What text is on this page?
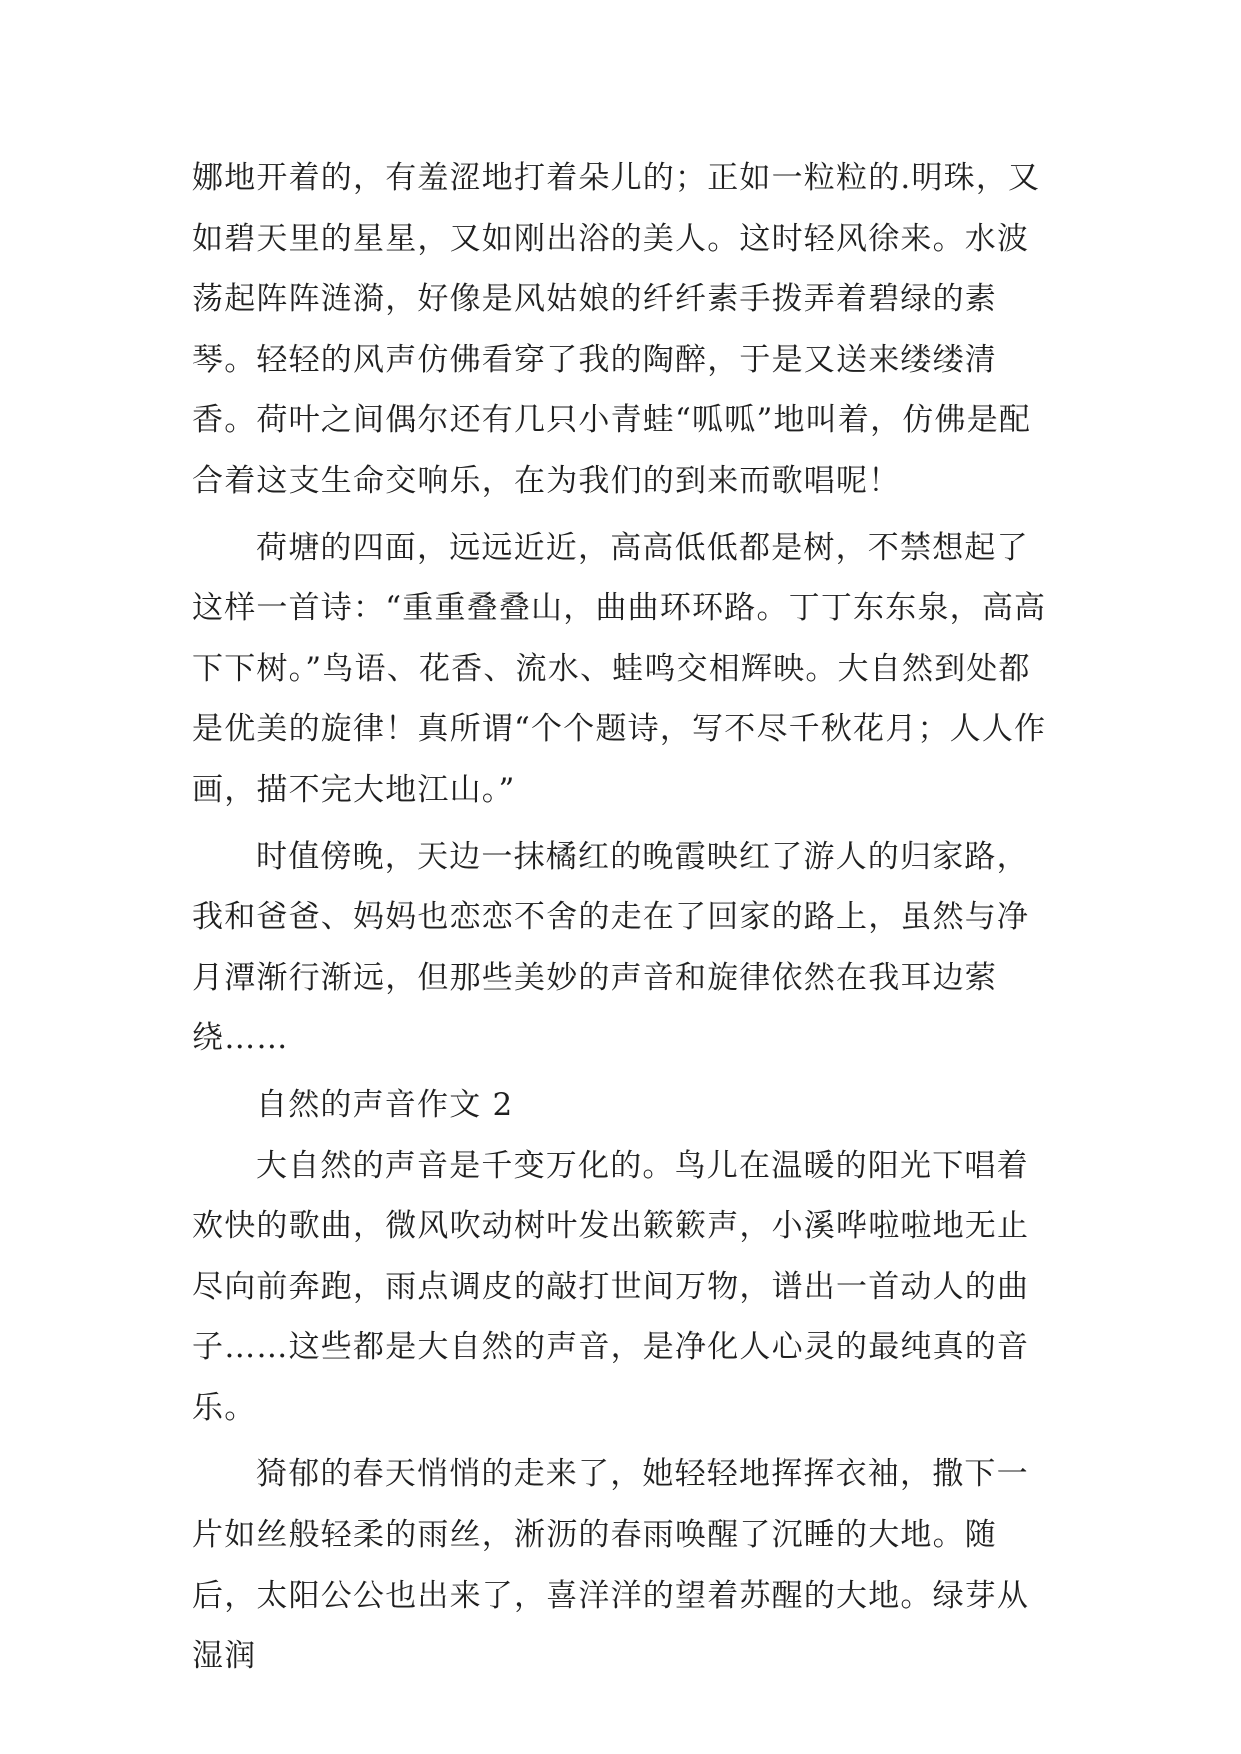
娜地开着的，有羞涩地打着朵儿的；正如一粒粒的.明珠，又如碧天里的星星，又如刚出浴的美人。这时轻风徐来。水波荡起阵阵涟漪，好像是风姑娘的纤纤素手拨弄着碧绿的素琴。轻轻的风声仿佛看穿了我的陶醉，于是又送来缕缕清香。荷叶之间偶尔还有几只小青蛙“呱呱”地叫着，仿佛是配合着这支生命交响乐，在为我们的到来而歌唱呢！

荷塘的四面，远远近近，高高低低都是树，不禁想起了这样一首诗：“重重叠叠山，曲曲环环路。丁丁东东泉，高高下下树。”鸟语、花香、流水、蛙鸣交相辉映。大自然到处都是优美的旋律！真所谓“个个题诗，写不尽千秋花月；人人作画，描不完大地江山。”

时值傍晚，天边一抹橘红的晚霞映红了游人的归家路，我和爸爸、妈妈也恋恋不舍的走在了回家的路上，虽然与净月潭渐行渐远，但那些美妙的声音和旋律依然在我耳边萦绕……

自然的声音作文 2

大自然的声音是千变万化的。鸟儿在温暖的阳光下唱着欢快的歌曲，微风吹动树叶发出簌簌声，小溪哗啦啦地无止尽向前奔跑，雨点调皮的敲打世间万物，谱出一首动人的曲子……这些都是大自然的声音，是净化人心灵的最纯真的音乐。

猗郁的春天悄悄的走来了，她轻轻地挥挥衣袖，撒下一片如丝般轻柔的雨丝，淅沥的春雨唤醒了沉睡的大地。随后，太阳公公也出来了，喜洋洋的望着苏醒的大地。绿芽从湿润
